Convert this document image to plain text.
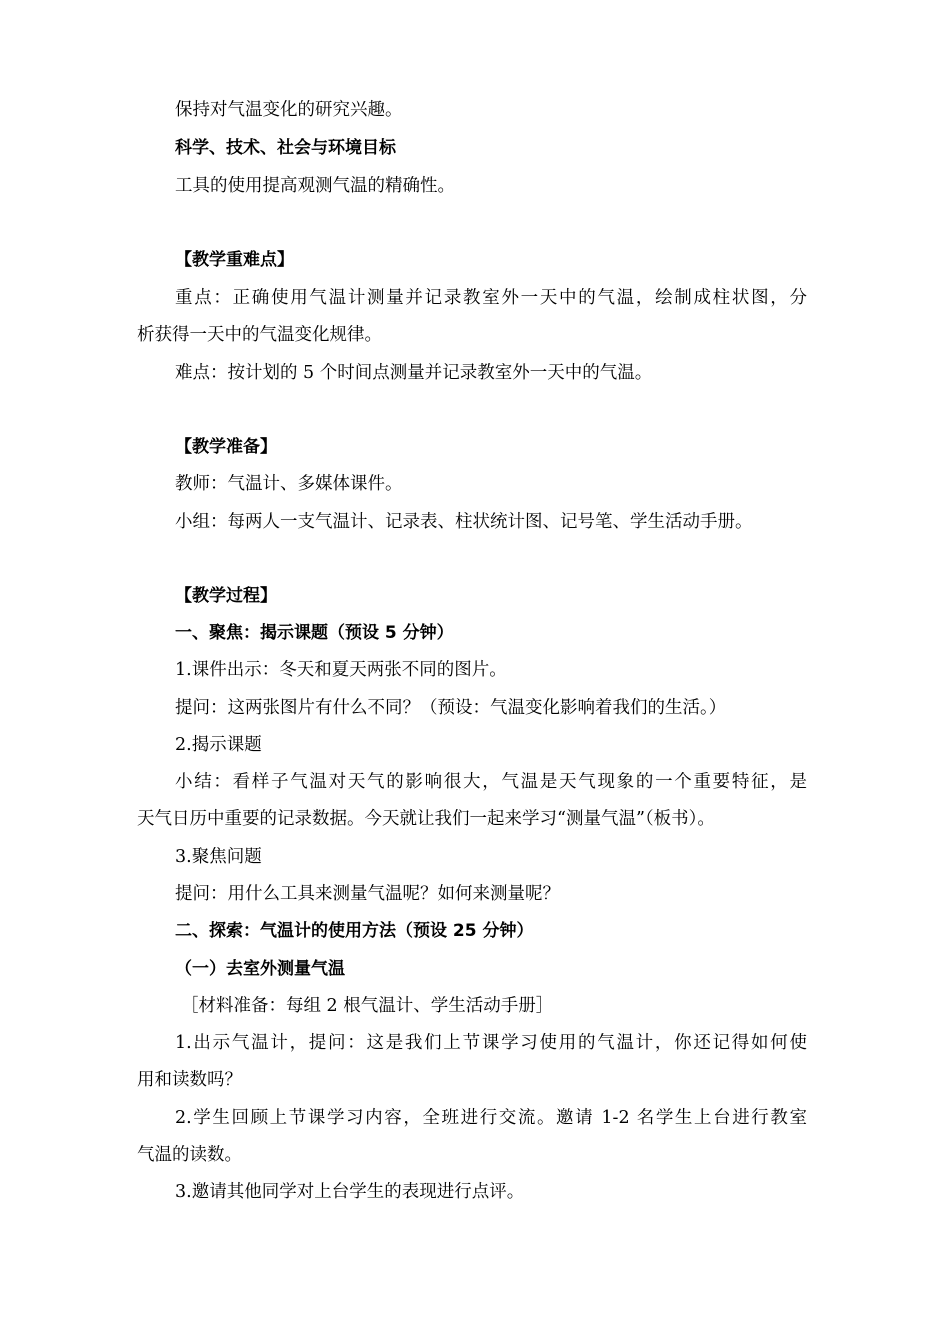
保持对气温变化的研究兴趣。
科学、技术、社会与环境目标
工具的使用提高观测气温的精确性。
【教学重难点】
重点：正确使用气温计测量并记录教室外一天中的气温，绘制成柱状图，分
析获得一天中的气温变化规律。
难点：按计划的 5 个时间点测量并记录教室外一天中的气温。
【教学准备】
教师：气温计、多媒体课件。
小组：每两人一支气温计、记录表、柱状统计图、记号笔、学生活动手册。
【教学过程】
一、聚焦：揭示课题（预设 5 分钟）
1.课件出示：冬天和夏天两张不同的图片。
提问：这两张图片有什么不同？（预设：气温变化影响着我们的生活。）
2.揭示课题
小结：看样子气温对天气的影响很大，气温是天气现象的一个重要特征，是
天气日历中重要的记录数据。今天就让我们一起来学习“测量气温”（板书）。
3.聚焦问题
提问：用什么工具来测量气温呢？如何来测量呢？
二、探索：气温计的使用方法（预设 25 分钟）
（一）去室外测量气温
［材料准备：每组 2 根气温计、学生活动手册］
1.出示气温计，提问：这是我们上节课学习使用的气温计，你还记得如何使
用和读数吗？
2.学生回顾上节课学习内容，全班进行交流。邀请 1-2 名学生上台进行教室
气温的读数。
3.邀请其他同学对上台学生的表现进行点评。
